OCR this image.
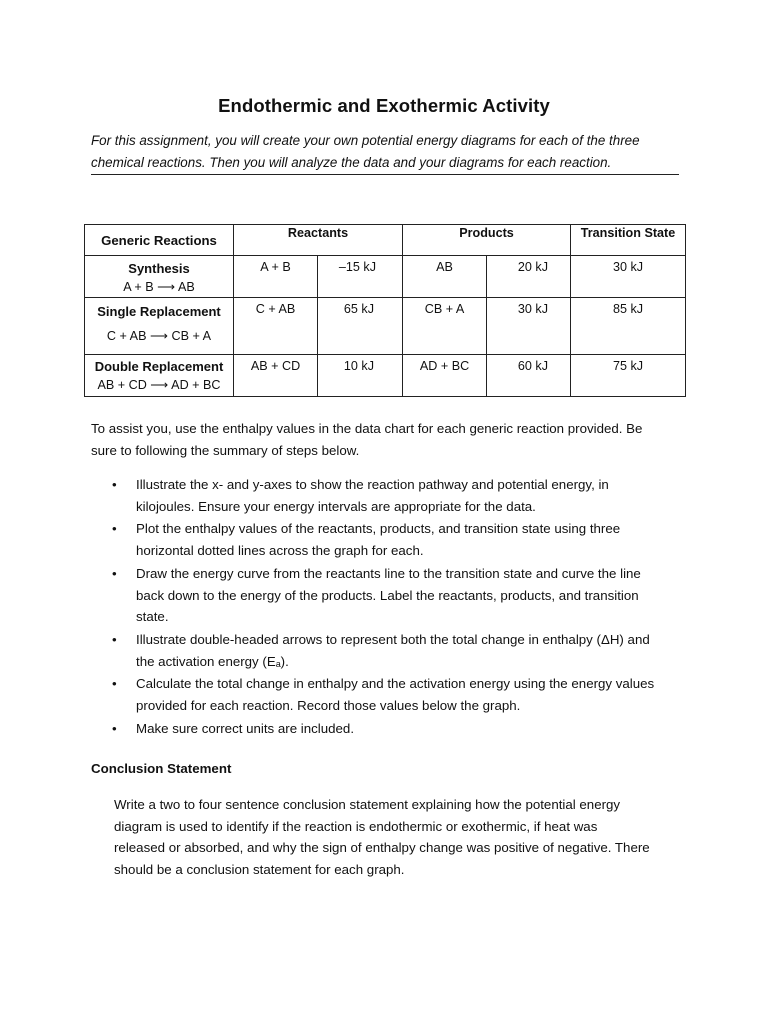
Endothermic and Exothermic Activity
For this assignment, you will create your own potential energy diagrams for each of the three
chemical reactions. Then you will analyze the data and your diagrams for each reaction.
Generic Reactions	Reactants		Products		Transition State

Synthesis
A + B ⟶ AB	A + B	–15 kJ	AB	20 kJ	30 kJ

Single Replacement
C + AB ⟶ CB + A	C + AB	65 kJ	CB + A	30 kJ	85 kJ

Double Replacement
AB + CD ⟶ AD + BC	AB + CD	10 kJ	AD + BC	60 kJ	75 kJ
To assist you, use the enthalpy values in the data chart for each generic reaction provided. Be
sure to following the summary of steps below.
• Illustrate the x- and y-axes to show the reaction pathway and potential energy, in
kilojoules. Ensure your energy intervals are appropriate for the data.
• Plot the enthalpy values of the reactants, products, and transition state using three
horizontal dotted lines across the graph for each.
• Draw the energy curve from the reactants line to the transition state and curve the line
back down to the energy of the products. Label the reactants, products, and transition
state.
• Illustrate double-headed arrows to represent both the total change in enthalpy (ΔH) and
the activation energy (Eₐ).
• Calculate the total change in enthalpy and the activation energy using the energy values
provided for each reaction. Record those values below the graph.
• Make sure correct units are included.
Conclusion Statement
Write a two to four sentence conclusion statement explaining how the potential energy
diagram is used to identify if the reaction is endothermic or exothermic, if heat was
released or absorbed, and why the sign of enthalpy change was positive of negative. There
should be a conclusion statement for each graph.
